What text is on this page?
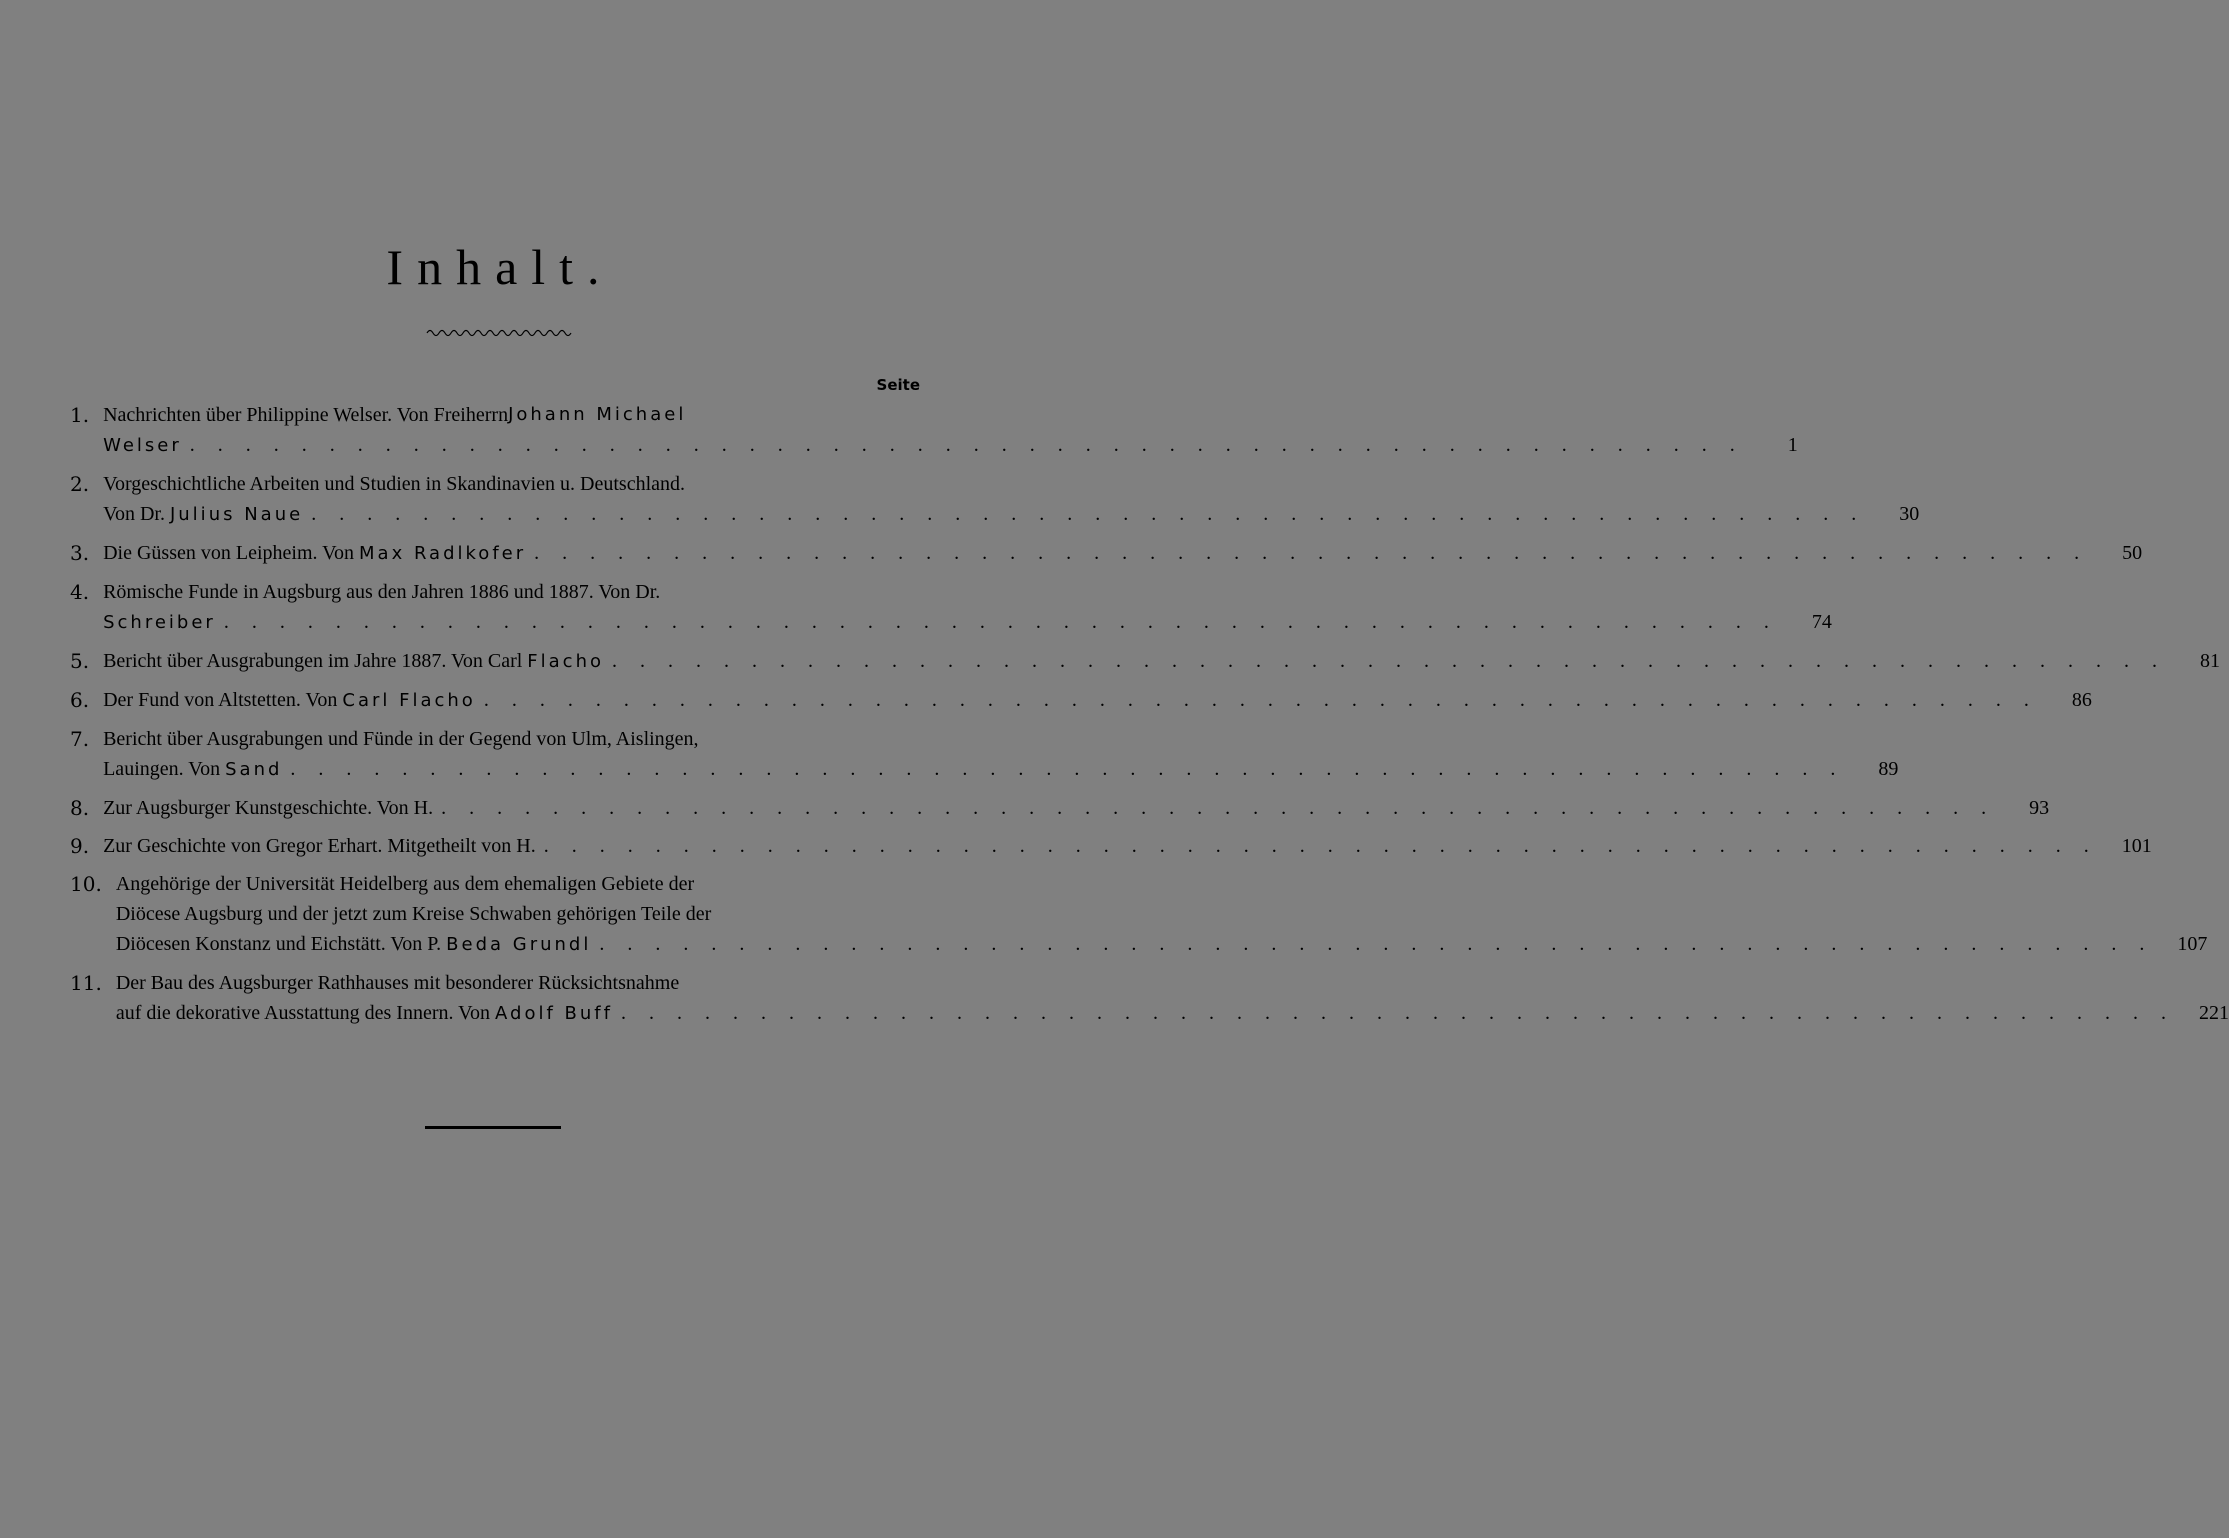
Inhalt.
Seite
1. Nachrichten über Philippine Welser. Von Freiherrn Johann Michael
Welser . . .	1
2. Vorgeschichtliche Arbeiten und Studien in Skandinavien u. Deutschland.
Von Dr. Julius Naue . . .	30
3. Die Güssen von Leipheim. Von Max Radlkofer . . .	50
4. Römische Funde in Augsburg aus den Jahren 1886 und 1887. Von Dr.
Schreiber . . .	74
5. Bericht über Ausgrabungen im Jahre 1887. Von Carl Flacho . . .	81
6. Der Fund von Altstetten. Von Carl Flacho . . .	86
7. Bericht über Ausgrabungen und Fünde in der Gegend von Ulm, Aislingen,
Lauingen. Von Sand . . .	89
8. Zur Augsburger Kunstgeschichte. Von H. . . .	93
9. Zur Geschichte von Gregor Erhart. Mitgetheilt von H. . . .	101
10. Angehörige der Universität Heidelberg aus dem ehemaligen Gebiete der
Diöcese Augsburg und der jetzt zum Kreise Schwaben gehörigen Teile der
Diöcesen Konstanz und Eichstätt. Von P. Beda Grundl . . .	107
11. Der Bau des Augsburger Rathhauses mit besonderer Rücksichtsnahme
auf die dekorative Ausstattung des Innern. Von Adolf Buff . . .	221
